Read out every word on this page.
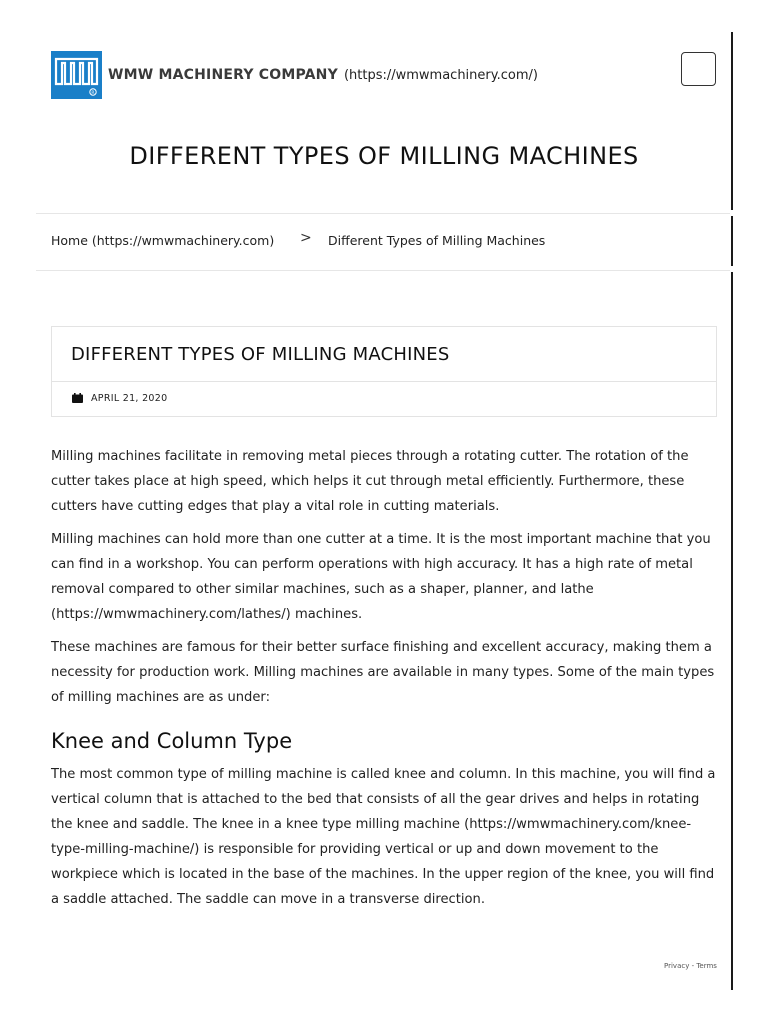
R
WMW MACHINERY COMPANY (https://wmwmachinery.com/)
DIFFERENT TYPES OF MILLING MACHINES
Home (https://wmwmachinery.com) > Different Types of Milling Machines
DIFFERENT TYPES OF MILLING MACHINES
APRIL 21, 2020

Milling machines facilitate in removing metal pieces through a rotating cutter. The rotation of the cutter takes place at high speed, which helps it cut through metal efficiently. Furthermore, these cutters have cutting edges that play a vital role in cutting materials.

Milling machines can hold more than one cutter at a time. It is the most important machine that you can find in a workshop. You can perform operations with high accuracy. It has a high rate of metal removal compared to other similar machines, such as a shaper, planner, and lathe (https://wmwmachinery.com/lathes/) machines.

These machines are famous for their better surface finishing and excellent accuracy, making them a necessity for production work. Milling machines are available in many types. Some of the main types of milling machines are as under:

Knee and Column Type

The most common type of milling machine is called knee and column. In this machine, you will find a vertical column that is attached to the bed that consists of all the gear drives and helps in rotating the knee and saddle. The knee in a knee type milling machine (https://wmwmachinery.com/knee-type-milling-machine/) is responsible for providing vertical or up and down movement to the workpiece which is located in the base of the machines. In the upper region of the knee, you will find a saddle attached. The saddle can move in a transverse direction.

Privacy - Terms
